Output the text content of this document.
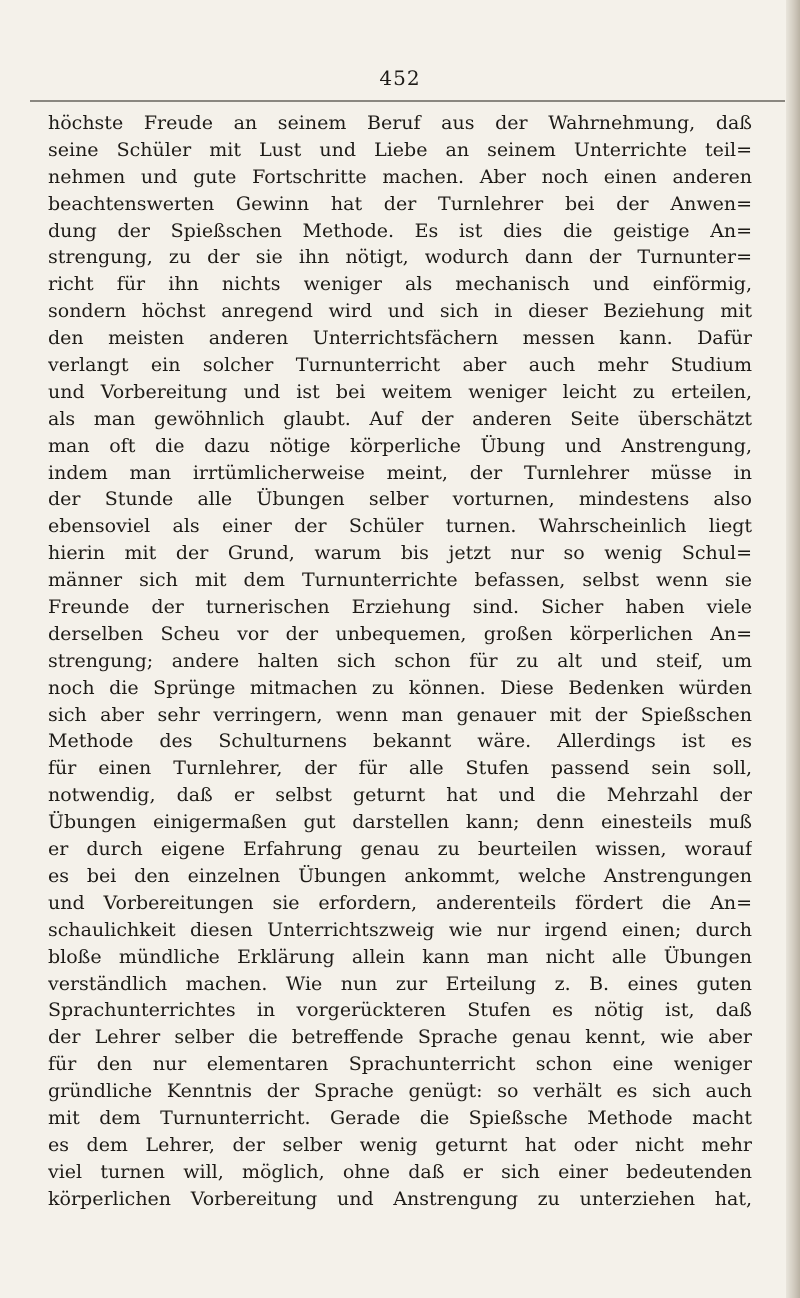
452
höchste Freude an seinem Beruf aus der Wahrnehmung, daß
seine Schüler mit Lust und Liebe an seinem Unterrichte teil=
nehmen und gute Fortschritte machen. Aber noch einen anderen
beachtenswerten Gewinn hat der Turnlehrer bei der Anwen=
dung der Spießschen Methode. Es ist dies die geistige An=
strengung, zu der sie ihn nötigt, wodurch dann der Turnunter=
richt für ihn nichts weniger als mechanisch und einförmig,
sondern höchst anregend wird und sich in dieser Beziehung mit
den meisten anderen Unterrichtsfächern messen kann. Dafür
verlangt ein solcher Turnunterricht aber auch mehr Studium
und Vorbereitung und ist bei weitem weniger leicht zu erteilen,
als man gewöhnlich glaubt. Auf der anderen Seite überschätzt
man oft die dazu nötige körperliche Übung und Anstrengung,
indem man irrtümlicherweise meint, der Turnlehrer müsse in
der Stunde alle Übungen selber vorturnen, mindestens also
ebensoviel als einer der Schüler turnen. Wahrscheinlich liegt
hierin mit der Grund, warum bis jetzt nur so wenig Schul=
männer sich mit dem Turnunterrichte befassen, selbst wenn sie
Freunde der turnerischen Erziehung sind. Sicher haben viele
derselben Scheu vor der unbequemen, großen körperlichen An=
strengung; andere halten sich schon für zu alt und steif, um
noch die Sprünge mitmachen zu können. Diese Bedenken würden
sich aber sehr verringern, wenn man genauer mit der Spießschen
Methode des Schulturnens bekannt wäre. Allerdings ist es
für einen Turnlehrer, der für alle Stufen passend sein soll,
notwendig, daß er selbst geturnt hat und die Mehrzahl der
Übungen einigermaßen gut darstellen kann; denn einesteils muß
er durch eigene Erfahrung genau zu beurteilen wissen, worauf
es bei den einzelnen Übungen ankommt, welche Anstrengungen
und Vorbereitungen sie erfordern, anderenteils fördert die An=
schaulichkeit diesen Unterrichtszweig wie nur irgend einen; durch
bloße mündliche Erklärung allein kann man nicht alle Übungen
verständlich machen. Wie nun zur Erteilung z. B. eines guten
Sprachunterrichtes in vorgerückteren Stufen es nötig ist, daß
der Lehrer selber die betreffende Sprache genau kennt, wie aber
für den nur elementaren Sprachunterricht schon eine weniger
gründliche Kenntnis der Sprache genügt: so verhält es sich auch
mit dem Turnunterricht. Gerade die Spießsche Methode macht
es dem Lehrer, der selber wenig geturnt hat oder nicht mehr
viel turnen will, möglich, ohne daß er sich einer bedeutenden
körperlichen Vorbereitung und Anstrengung zu unterziehen hat,
